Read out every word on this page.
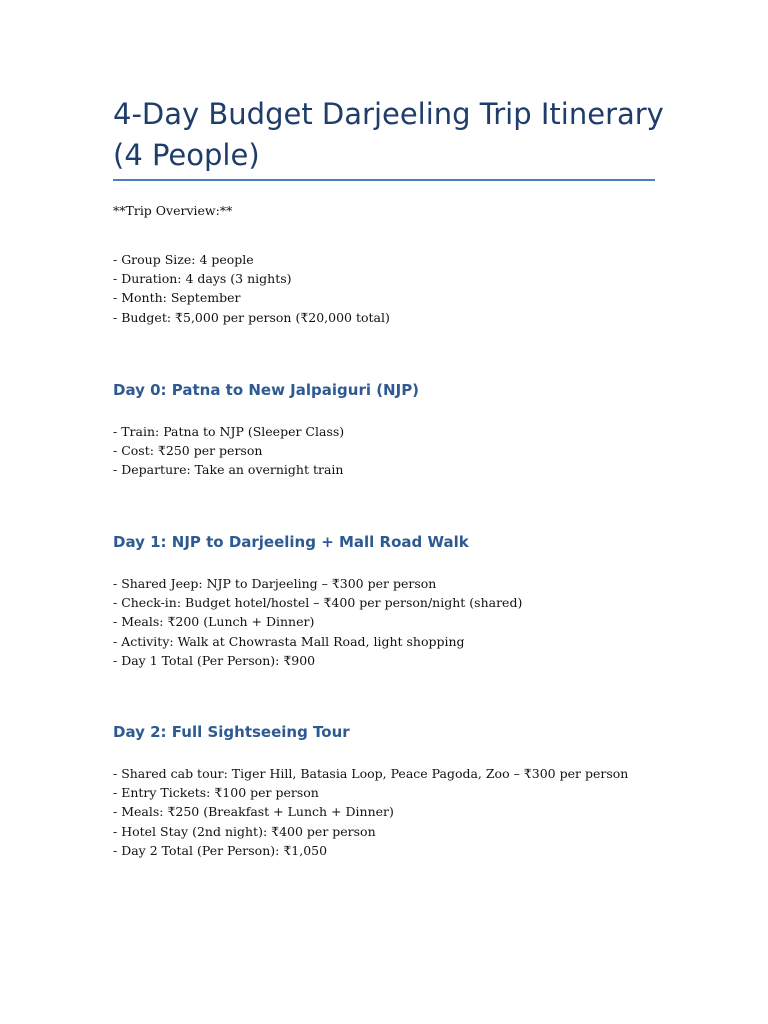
4-Day Budget Darjeeling Trip Itinerary
(4 People)
**Trip Overview:**
- Group Size: 4 people
- Duration: 4 days (3 nights)
- Month: September
- Budget: ₹5,000 per person (₹20,000 total)
Day 0: Patna to New Jalpaiguri (NJP)
- Train: Patna to NJP (Sleeper Class)
- Cost: ₹250 per person
- Departure: Take an overnight train
Day 1: NJP to Darjeeling + Mall Road Walk
- Shared Jeep: NJP to Darjeeling – ₹300 per person
- Check-in: Budget hotel/hostel – ₹400 per person/night (shared)
- Meals: ₹200 (Lunch + Dinner)
- Activity: Walk at Chowrasta Mall Road, light shopping
- Day 1 Total (Per Person): ₹900
Day 2: Full Sightseeing Tour
- Shared cab tour: Tiger Hill, Batasia Loop, Peace Pagoda, Zoo – ₹300 per person
- Entry Tickets: ₹100 per person
- Meals: ₹250 (Breakfast + Lunch + Dinner)
- Hotel Stay (2nd night): ₹400 per person
- Day 2 Total (Per Person): ₹1,050
